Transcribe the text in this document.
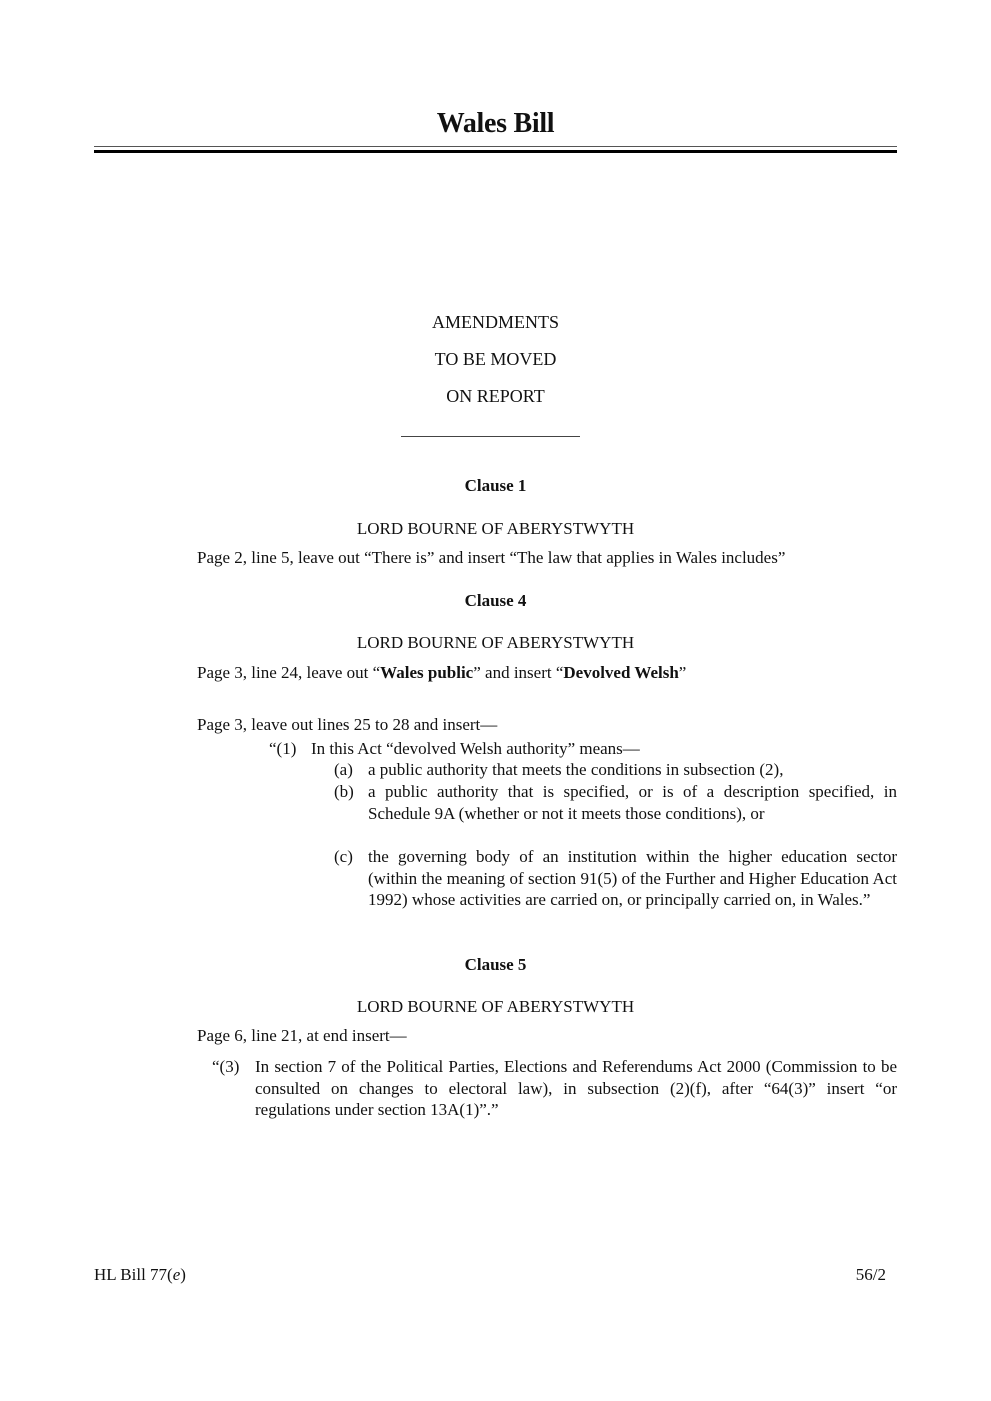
Wales Bill
AMENDMENTS
TO BE MOVED
ON REPORT
Clause 1
LORD BOURNE OF ABERYSTWYTH
Page 2, line 5, leave out “There is” and insert “The law that applies in Wales includes”
Clause 4
LORD BOURNE OF ABERYSTWYTH
Page 3, line 24, leave out “Wales public” and insert “Devolved Welsh”
Page 3, leave out lines 25 to 28 and insert—
“(1) In this Act “devolved Welsh authority” means—
(a) a public authority that meets the conditions in subsection (2),
(b) a public authority that is specified, or is of a description specified, in Schedule 9A (whether or not it meets those conditions), or
(c) the governing body of an institution within the higher education sector (within the meaning of section 91(5) of the Further and Higher Education Act 1992) whose activities are carried on, or principally carried on, in Wales.”
Clause 5
LORD BOURNE OF ABERYSTWYTH
Page 6, line 21, at end insert—
“(3) In section 7 of the Political Parties, Elections and Referendums Act 2000 (Commission to be consulted on changes to electoral law), in subsection (2)(f), after “64(3)” insert “or regulations under section 13A(1)”.”
HL Bill 77(e)	56/2
